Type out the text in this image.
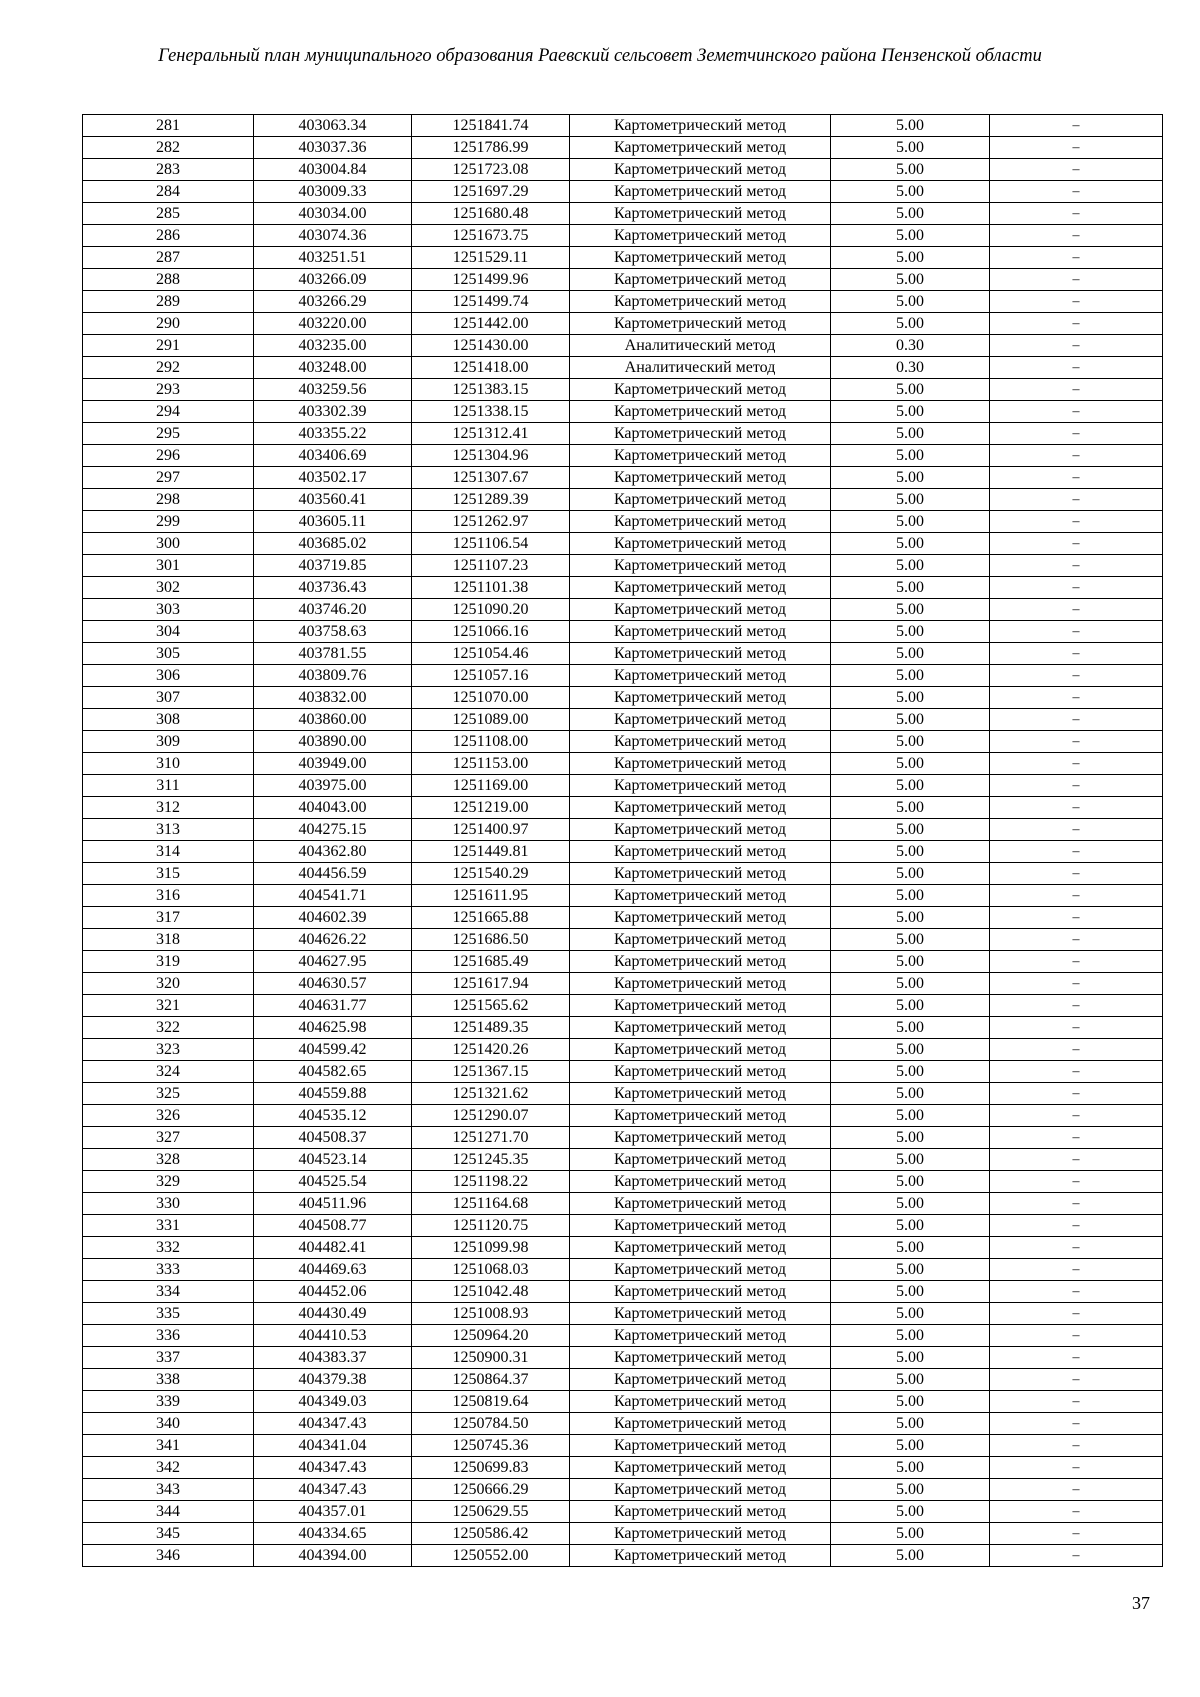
Генеральный план муниципального образования Раевский сельсовет Земетчинского района Пензенской области
281	403063.34	1251841.74	Картометрический метод	5.00	–
282	403037.36	1251786.99	Картометрический метод	5.00	–
283	403004.84	1251723.08	Картометрический метод	5.00	–
284	403009.33	1251697.29	Картометрический метод	5.00	–
285	403034.00	1251680.48	Картометрический метод	5.00	–
286	403074.36	1251673.75	Картометрический метод	5.00	–
287	403251.51	1251529.11	Картометрический метод	5.00	–
288	403266.09	1251499.96	Картометрический метод	5.00	–
289	403266.29	1251499.74	Картометрический метод	5.00	–
290	403220.00	1251442.00	Картометрический метод	5.00	–
291	403235.00	1251430.00	Аналитический метод	0.30	–
292	403248.00	1251418.00	Аналитический метод	0.30	–
293	403259.56	1251383.15	Картометрический метод	5.00	–
294	403302.39	1251338.15	Картометрический метод	5.00	–
295	403355.22	1251312.41	Картометрический метод	5.00	–
296	403406.69	1251304.96	Картометрический метод	5.00	–
297	403502.17	1251307.67	Картометрический метод	5.00	–
298	403560.41	1251289.39	Картометрический метод	5.00	–
299	403605.11	1251262.97	Картометрический метод	5.00	–
300	403685.02	1251106.54	Картометрический метод	5.00	–
301	403719.85	1251107.23	Картометрический метод	5.00	–
302	403736.43	1251101.38	Картометрический метод	5.00	–
303	403746.20	1251090.20	Картометрический метод	5.00	–
304	403758.63	1251066.16	Картометрический метод	5.00	–
305	403781.55	1251054.46	Картометрический метод	5.00	–
306	403809.76	1251057.16	Картометрический метод	5.00	–
307	403832.00	1251070.00	Картометрический метод	5.00	–
308	403860.00	1251089.00	Картометрический метод	5.00	–
309	403890.00	1251108.00	Картометрический метод	5.00	–
310	403949.00	1251153.00	Картометрический метод	5.00	–
311	403975.00	1251169.00	Картометрический метод	5.00	–
312	404043.00	1251219.00	Картометрический метод	5.00	–
313	404275.15	1251400.97	Картометрический метод	5.00	–
314	404362.80	1251449.81	Картометрический метод	5.00	–
315	404456.59	1251540.29	Картометрический метод	5.00	–
316	404541.71	1251611.95	Картометрический метод	5.00	–
317	404602.39	1251665.88	Картометрический метод	5.00	–
318	404626.22	1251686.50	Картометрический метод	5.00	–
319	404627.95	1251685.49	Картометрический метод	5.00	–
320	404630.57	1251617.94	Картометрический метод	5.00	–
321	404631.77	1251565.62	Картометрический метод	5.00	–
322	404625.98	1251489.35	Картометрический метод	5.00	–
323	404599.42	1251420.26	Картометрический метод	5.00	–
324	404582.65	1251367.15	Картометрический метод	5.00	–
325	404559.88	1251321.62	Картометрический метод	5.00	–
326	404535.12	1251290.07	Картометрический метод	5.00	–
327	404508.37	1251271.70	Картометрический метод	5.00	–
328	404523.14	1251245.35	Картометрический метод	5.00	–
329	404525.54	1251198.22	Картометрический метод	5.00	–
330	404511.96	1251164.68	Картометрический метод	5.00	–
331	404508.77	1251120.75	Картометрический метод	5.00	–
332	404482.41	1251099.98	Картометрический метод	5.00	–
333	404469.63	1251068.03	Картометрический метод	5.00	–
334	404452.06	1251042.48	Картометрический метод	5.00	–
335	404430.49	1251008.93	Картометрический метод	5.00	–
336	404410.53	1250964.20	Картометрический метод	5.00	–
337	404383.37	1250900.31	Картометрический метод	5.00	–
338	404379.38	1250864.37	Картометрический метод	5.00	–
339	404349.03	1250819.64	Картометрический метод	5.00	–
340	404347.43	1250784.50	Картометрический метод	5.00	–
341	404341.04	1250745.36	Картометрический метод	5.00	–
342	404347.43	1250699.83	Картометрический метод	5.00	–
343	404347.43	1250666.29	Картометрический метод	5.00	–
344	404357.01	1250629.55	Картометрический метод	5.00	–
345	404334.65	1250586.42	Картометрический метод	5.00	–
346	404394.00	1250552.00	Картометрический метод	5.00	–
37
